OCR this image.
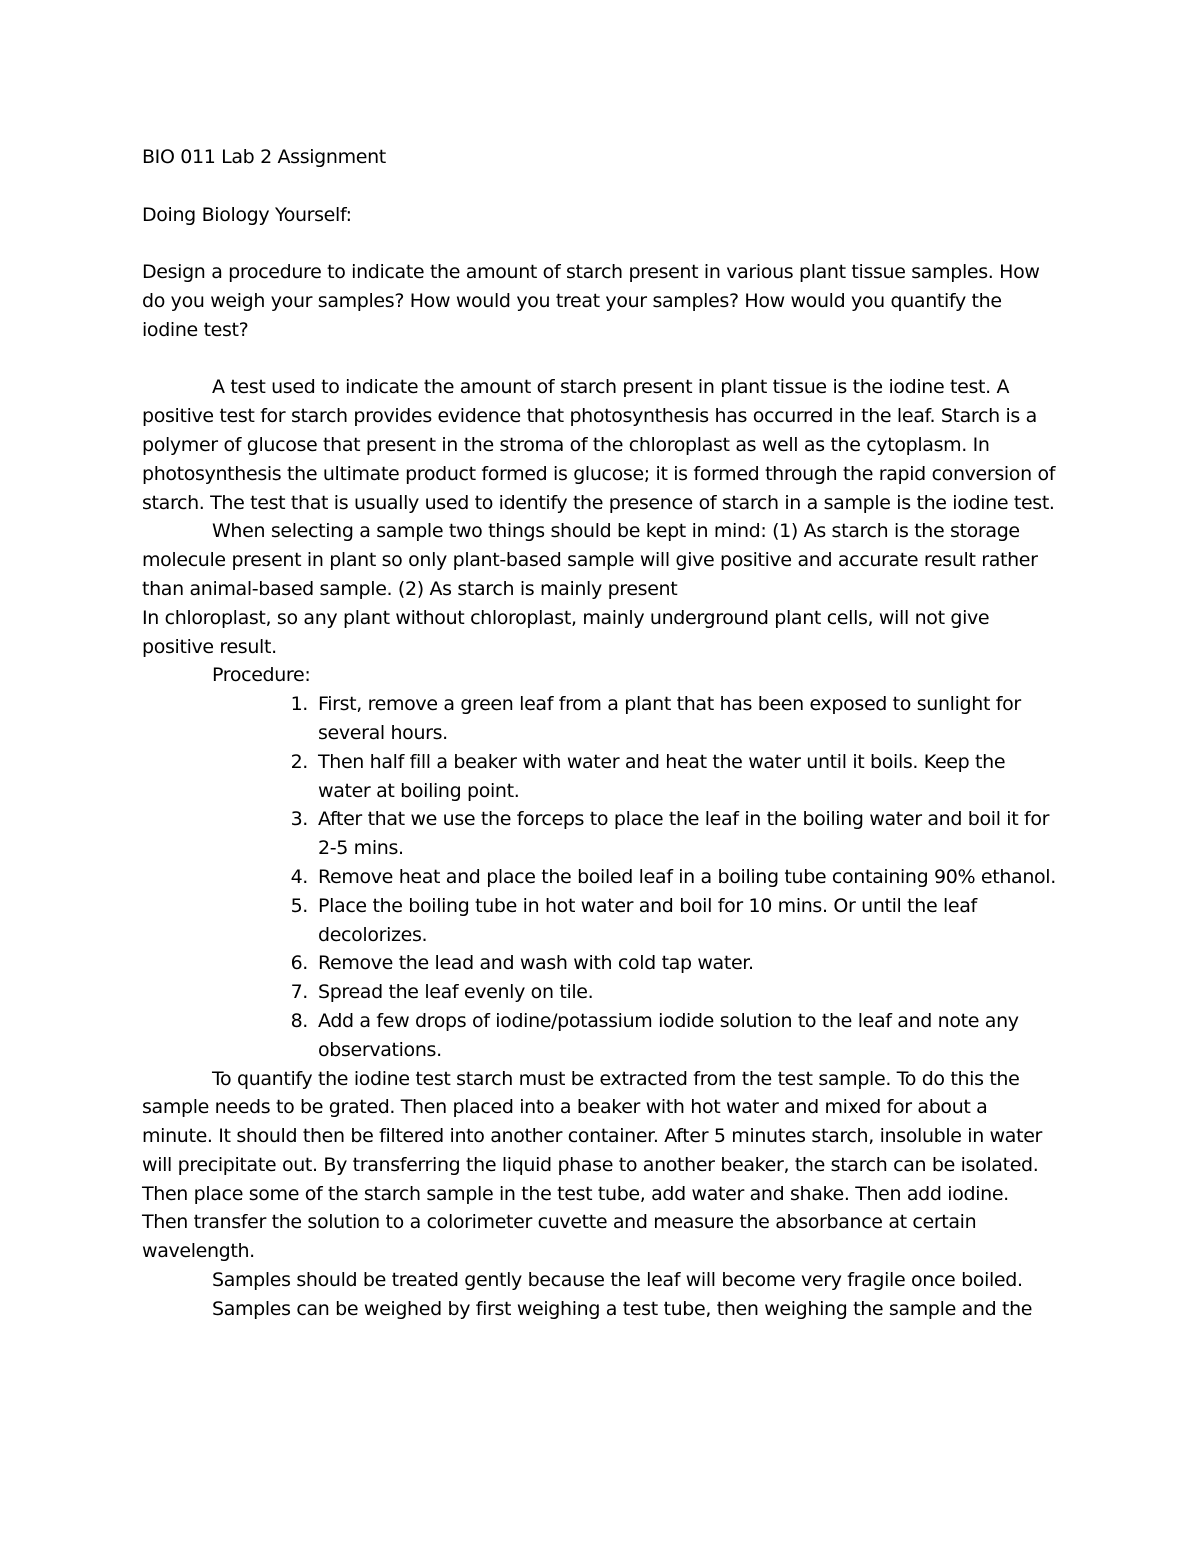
BIO 011 Lab 2 Assignment

Doing Biology Yourself:

Design a procedure to indicate the amount of starch present in various plant tissue samples. How do you weigh your samples? How would you treat your samples? How would you quantify the iodine test?

A test used to indicate the amount of starch present in plant tissue is the iodine test. A positive test for starch provides evidence that photosynthesis has occurred in the leaf. Starch is a polymer of glucose that present in the stroma of the chloroplast as well as the cytoplasm. In photosynthesis the ultimate product formed is glucose; it is formed through the rapid conversion of starch. The test that is usually used to identify the presence of starch in a sample is the iodine test.

When selecting a sample two things should be kept in mind: (1) As starch is the storage molecule present in plant so only plant-based sample will give positive and accurate result rather than animal-based sample. (2) As starch is mainly present

In chloroplast, so any plant without chloroplast, mainly underground plant cells, will not give positive result.

Procedure:

1. First, remove a green leaf from a plant that has been exposed to sunlight for several hours.
2. Then half fill a beaker with water and heat the water until it boils. Keep the water at boiling point.
3. After that we use the forceps to place the leaf in the boiling water and boil it for 2-5 mins.
4. Remove heat and place the boiled leaf in a boiling tube containing 90% ethanol.
5. Place the boiling tube in hot water and boil for 10 mins. Or until the leaf decolorizes.
6. Remove the lead and wash with cold tap water.
7. Spread the leaf evenly on tile.
8. Add a few drops of iodine/potassium iodide solution to the leaf and note any observations.

To quantify the iodine test starch must be extracted from the test sample. To do this the sample needs to be grated. Then placed into a beaker with hot water and mixed for about a minute. It should then be filtered into another container. After 5 minutes starch, insoluble in water will precipitate out. By transferring the liquid phase to another beaker, the starch can be isolated. Then place some of the starch sample in the test tube, add water and shake. Then add iodine. Then transfer the solution to a colorimeter cuvette and measure the absorbance at certain wavelength.

Samples should be treated gently because the leaf will become very fragile once boiled.

Samples can be weighed by first weighing a test tube, then weighing the sample and the
